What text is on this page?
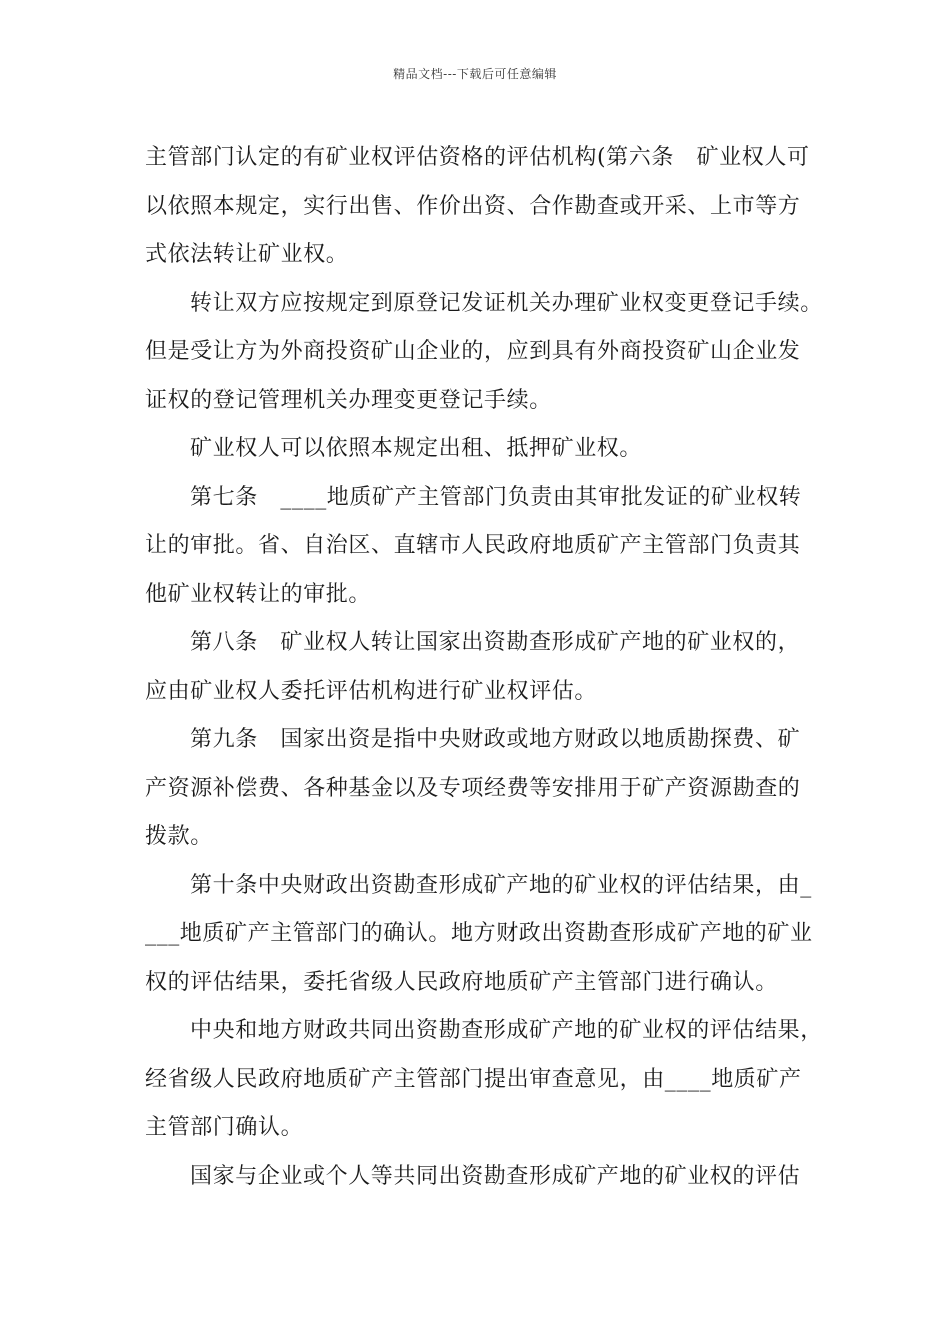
精品文档---下载后可任意编辑

主管部门认定的有矿业权评估资格的评估机构(第六条　矿业权人可
以依照本规定，实行出售、作价出资、合作勘查或开采、上市等方
式依法转让矿业权。

转让双方应按规定到原登记发证机关办理矿业权变更登记手续。
但是受让方为外商投资矿山企业的，应到具有外商投资矿山企业发
证权的登记管理机关办理变更登记手续。

矿业权人可以依照本规定出租、抵押矿业权。

第七条　____地质矿产主管部门负责由其审批发证的矿业权转
让的审批。省、自治区、直辖市人民政府地质矿产主管部门负责其
他矿业权转让的审批。

第八条　矿业权人转让国家出资勘查形成矿产地的矿业权的，
应由矿业权人委托评估机构进行矿业权评估。

第九条　国家出资是指中央财政或地方财政以地质勘探费、矿
产资源补偿费、各种基金以及专项经费等安排用于矿产资源勘查的
拨款。

第十条中央财政出资勘查形成矿产地的矿业权的评估结果，由_
___地质矿产主管部门的确认。地方财政出资勘查形成矿产地的矿业
权的评估结果，委托省级人民政府地质矿产主管部门进行确认。

中央和地方财政共同出资勘查形成矿产地的矿业权的评估结果，
经省级人民政府地质矿产主管部门提出审查意见，由____地质矿产
主管部门确认。

国家与企业或个人等共同出资勘查形成矿产地的矿业权的评估
